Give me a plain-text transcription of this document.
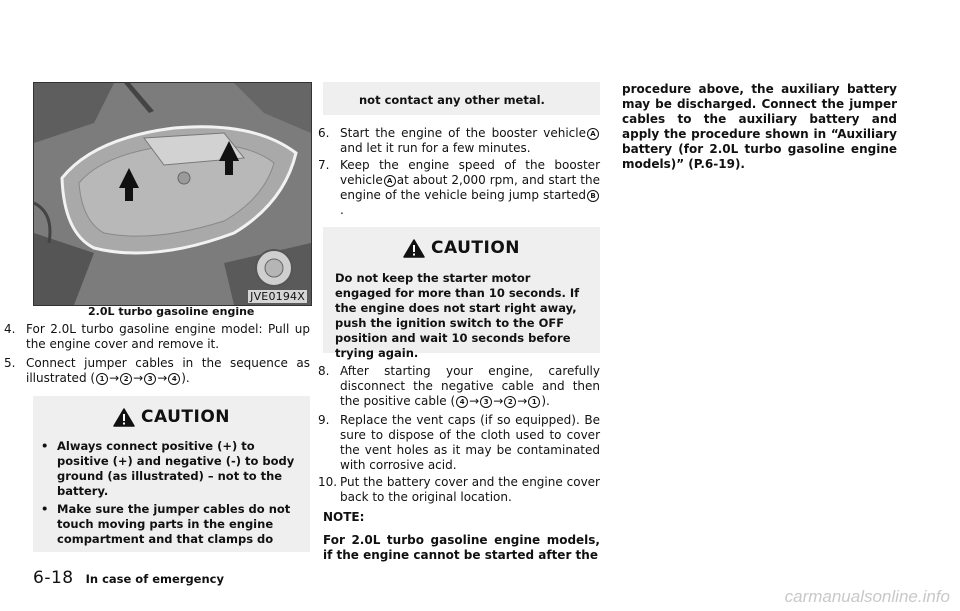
JVE0194X
2.0L turbo gasoline engine
4. For 2.0L turbo gasoline engine model: Pull up the engine cover and remove it.

5. Connect jumper cables in the sequence as illustrated ( 1 → 2 → 3 → 4 ).

CAUTION

• Always connect positive (+) to positive (+) and negative (-) to body ground (as illustrated) – not to the battery.

• Make sure the jumper cables do not touch moving parts in the engine compartment and that clamps do

not contact any other metal.

6. Start the engine of the booster vehicle A and let it run for a few minutes.

7. Keep the engine speed of the booster vehicle A at about 2,000 rpm, and start the engine of the vehicle being jump started B.

CAUTION

Do not keep the starter motor engaged for more than 10 seconds. If the engine does not start right away, push the ignition switch to the OFF position and wait 10 seconds before trying again.

8. After starting your engine, carefully disconnect the negative cable and then the positive cable ( 4 → 3 → 2 → 1 ).

9. Replace the vent caps (if so equipped). Be sure to dispose of the cloth used to cover the vent holes as it may be contaminated with corrosive acid.

10. Put the battery cover and the engine cover back to the original location.

NOTE:

For 2.0L turbo gasoline engine models, if the engine cannot be started after the

procedure above, the auxiliary battery may be discharged. Connect the jumper cables to the auxiliary battery and apply the procedure shown in “Auxiliary battery (for 2.0L turbo gasoline engine models)” (P.6-19).

6-18 In case of emergency
carmanualsonline.info
